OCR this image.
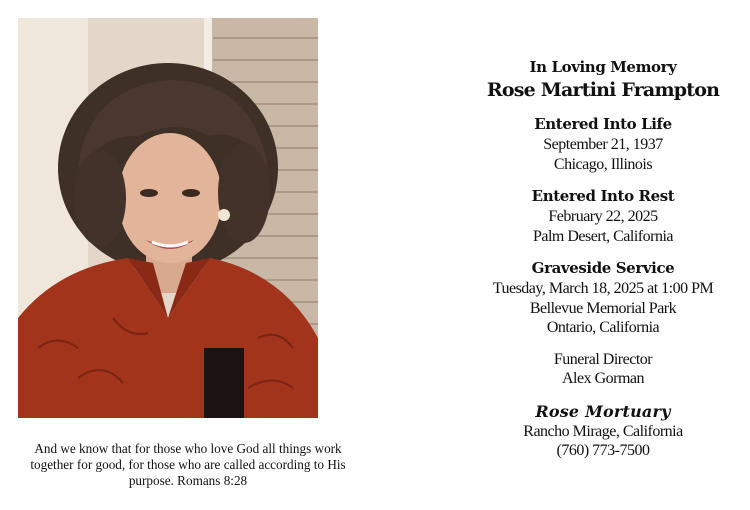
And we know that for those who love God all things work
together for good, for those who are called according to His
purpose. Romans 8:28
In Loving Memory
Rose Martini Frampton
Entered Into Life
September 21, 1937
Chicago, Illinois
Entered Into Rest
February 22, 2025
Palm Desert, California
Graveside Service
Tuesday, March 18, 2025 at 1:00 PM
Bellevue Memorial Park
Ontario, California
Funeral Director
Alex Gorman
Rose Mortuary
Rancho Mirage, California
(760) 773-7500
